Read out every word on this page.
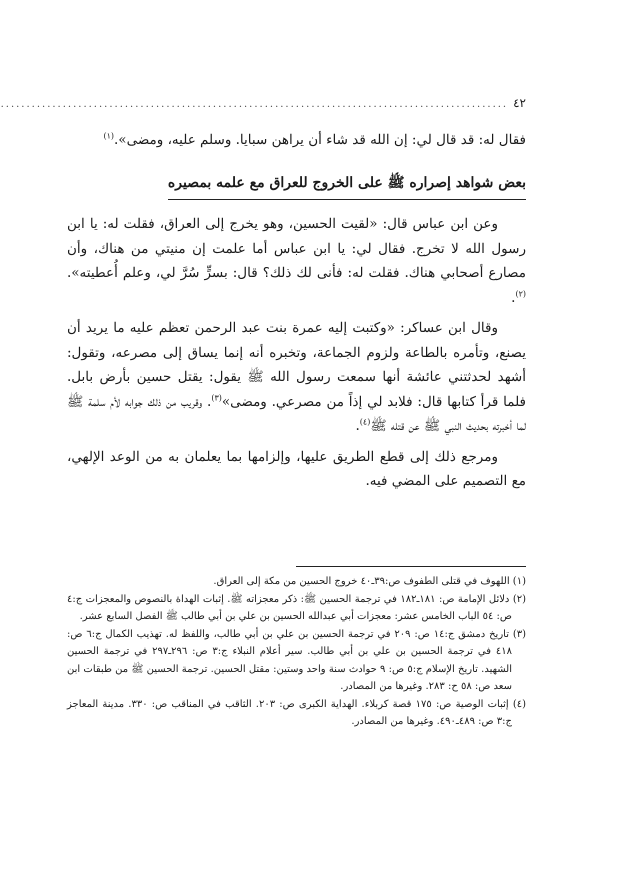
٤٢
..................................................................................................

فقال له: قد قال لي: إن الله قد شاء أن يراهن سبايا. وسلم عليه، ومضى».$^{(١)}$

بعض شواهد إصراره ﷺ على الخروج للعراق مع علمه بمصيره

وعن ابن عباس قال: «لقيت الحسين، وهو يخرج إلى العراق، فقلت له: يا ابن رسول الله لا تخرج. فقال لي: يا ابن عباس أما علمت إن منيتي من هناك، وأن مصارع أصحابي هناك. فقلت له: فأنى لك ذلك؟ قال: بسرٍّ سُرَّ لي، وعلم أُعطيته».$^{(٢)}$.

وقال ابن عساكر: «وكتبت إليه عمرة بنت عبد الرحمن تعظم عليه ما يريد أن يصنع، وتأمره بالطاعة ولزوم الجماعة، وتخبره أنه إنما يساق إلى مصرعه، وتقول: أشهد لحدثتني عائشة أنها سمعت رسول الله ﷺ يقول: يقتل حسين بأرض بابل. فلما قرأ كتابها قال: فلابد لي إذاً من مصرعي. ومضى»$^{(٣)}$. وقريب من ذلك جوابه لأم سلمة ﷺ لما أخبرته بحديث النبي ﷺ عن قتله ﷺ$^{(٤)}$.

ومرجع ذلك إلى قطع الطريق عليها، وإلزامها بما يعلمان به من الوعد الإلهي، مع التصميم على المضي فيه.

(١) اللهوف في قتلى الطفوف ص:٣٩ـ٤٠ خروج الحسين من مكة إلى العراق.

(٢) دلائل الإمامة ص: ١٨١ـ١٨٢ في ترجمة الحسين ﷺ: ذكر معجزاته ﷺ. إثبات الهداة بالنصوص والمعجزات ج:٤ ص: ٥٤ الباب الخامس عشر: معجزات أبي عبدالله الحسين بن علي بن أبي طالب ﷺ الفصل السابع عشر.

(٣) تاريخ دمشق ج:١٤ ص: ٢٠٩ في ترجمة الحسين بن علي بن أبي طالب، واللفظ له. تهذيب الكمال ج:٦ ص: ٤١٨ في ترجمة الحسين بن علي بن أبي طالب. سير أعلام النبلاء ج:٣ ص: ٢٩٦ـ٢٩٧ في ترجمة الحسين الشهيد. تاريخ الإسلام ج:٥ ص: ٩ حوادث سنة واحد وستين: مقتل الحسين. ترجمة الحسين ﷺ من طبقات ابن سعد ص: ٥٨ ح: ٢٨٣. وغيرها من المصادر.

(٤) إثبات الوصية ص: ١٧٥ قصة كربلاء. الهداية الكبرى ص: ٢٠٣. الثاقب في المناقب ص: ٣٣٠. مدينة المعاجز ج:٣ ص: ٤٨٩ـ٤٩٠. وغيرها من المصادر.
